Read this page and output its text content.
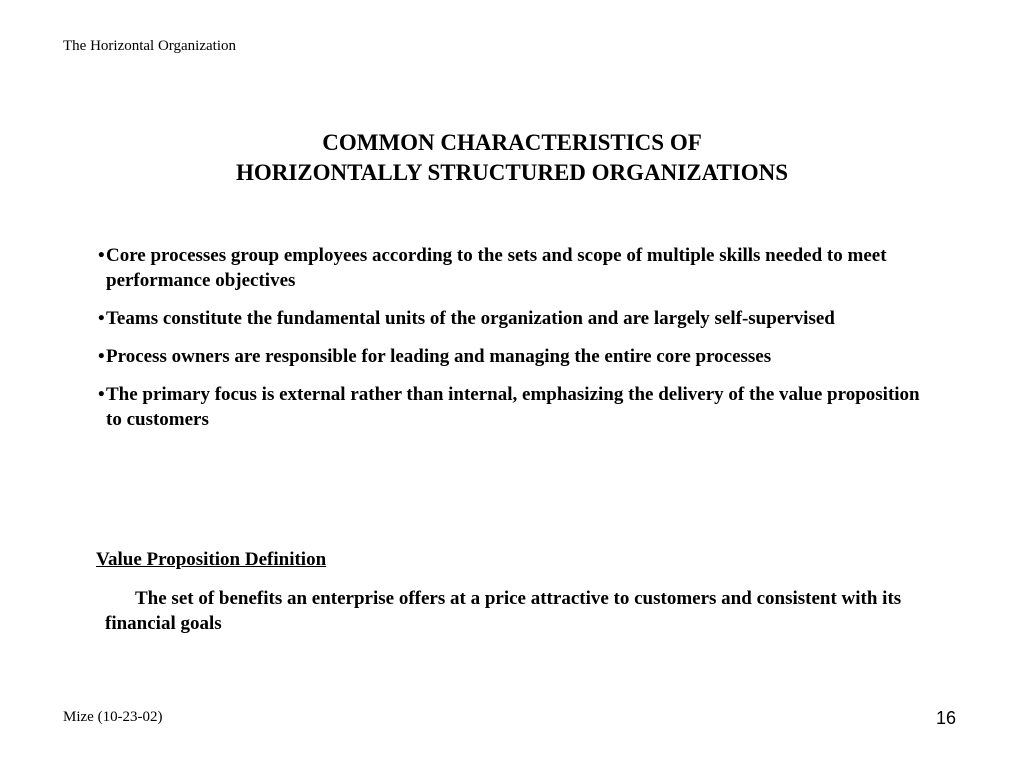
The Horizontal Organization
COMMON CHARACTERISTICS OF
HORIZONTALLY STRUCTURED ORGANIZATIONS
• Core processes group employees according to the sets and scope of multiple skills needed to meet performance objectives
• Teams constitute the fundamental units of the organization and are largely self-supervised
• Process owners are responsible for leading and managing the entire core processes
• The primary focus is external rather than internal, emphasizing the delivery of the value proposition to customers
Value Proposition Definition
The set of benefits an enterprise offers at a price attractive to customers and consistent with its financial goals
Mize (10-23-02)	16
